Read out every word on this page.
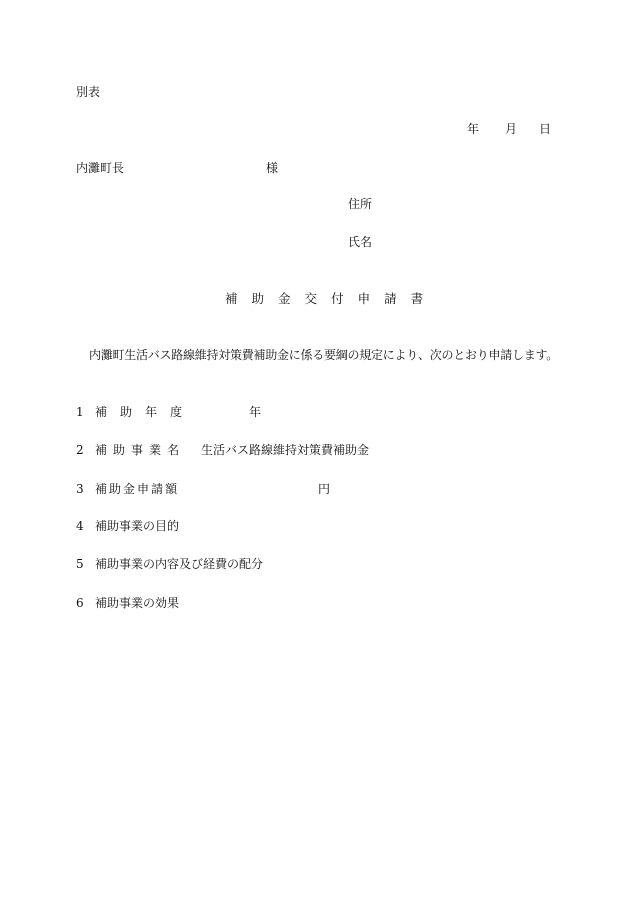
別表
年 月 日
内灘町長	様
住所
氏名
補 助 金 交 付 申 請 書
内灘町生活バス路線維持対策費補助金に係る要綱の規定により、次のとおり申請します。
1 補 助 年 度	年
2 補 助 事 業 名 生活バス路線維持対策費補助金
3 補 助 金 申 請 額	円
4 補助事業の目的
5 補助事業の内容及び経費の配分
6 補助事業の効果
